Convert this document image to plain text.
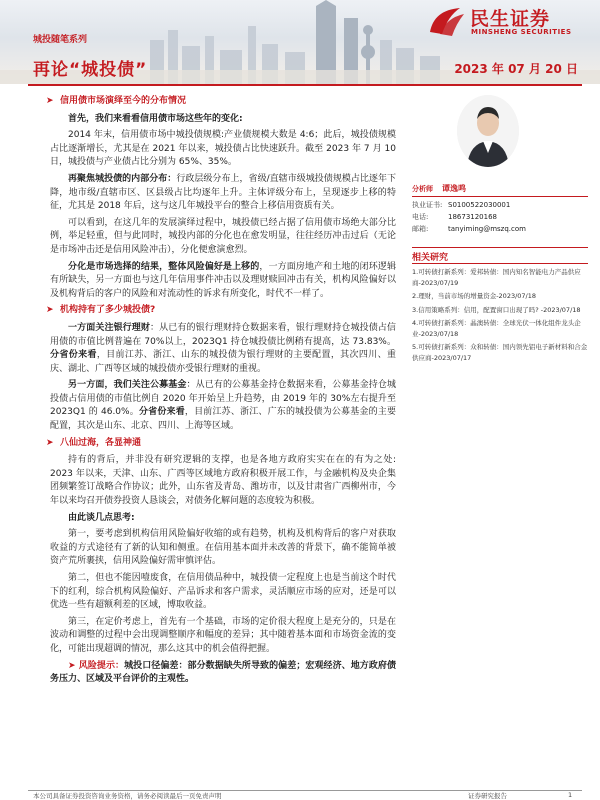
民生证券
MINSHENG SECURITIES
城投随笔系列
再论“城投债”	2023 年 07 月 20 日
➤ 信用债市场演绎至今的分布情况
首先，我们来看看信用债市场这些年的变化:
2014 年末，信用债市场中城投债规模:产业债规模大数是 4:6；此后，城投债规模占比逐渐增长，尤其是在 2021 年以来，城投债占比快速跃升。截至 2023 年 7 月 10 日，城投债与产业债占比分别为 65%、35%。
再聚焦城投债的内部分布：行政层级分布上，省级/直辖市级城投债规模占比逐年下降，地市级/直辖市区、区县级占比均逐年上升。主体评级分布上，呈现逐步上移的特征，尤其是 2018 年后，这与这几年城投平台的整合上移信用资质有关。
可以看到，在这几年的发展演绎过程中，城投债已经占据了信用债市场绝大部分比例，举足轻重，但与此同时，城投内部的分化也在愈发明显，往往经历冲击过后（无论是市场冲击还是信用风险冲击），分化便愈演愈烈。
分化是市场选择的结果，整体风险偏好是上移的，一方面房地产和土地的闭环逻辑有所缺失，另一方面也与这几年信用事件冲击以及理财赎回冲击有关，机构风险偏好以及机构背后的客户的风险和对流动性的诉求有所变化，时代不一样了。
➤ 机构持有了多少城投债?
一方面关注银行理财：从已有的银行理财持仓数据来看，银行理财持仓城投债占信用债的市值比例普遍在 70%以上，2023Q1 持仓城投债比例稍有提高，达 73.83%。分省份来看，目前江苏、浙江、山东的城投债为银行理财的主要配置，其次四川、重庆、湖北、广西等区域的城投债亦受银行理财的重视。
另一方面，我们关注公募基金：从已有的公募基金持仓数据来看，公募基金持仓城投债占信用债的市值比例自 2020 年开始呈上升趋势，由 2019 年的 30%左右提升至 2023Q1 的 46.0%。分省份来看，目前江苏、浙江、广东的城投债为公募基金的主要配置，其次是山东、北京、四川、上海等区域。
➤ 八仙过海，各显神通
持有的背后，并非没有研究逻辑的支撑，也是各地方政府实实在在的有为之处: 2023 年以来，天津、山东、广西等区域地方政府积极开展工作，与金融机构及央企集团频繁签订战略合作协议；此外，山东省及青岛、潍坊市，以及甘肃省广西柳州市，今年以来均召开债券投资人恳谈会，对债务化解问题的态度较为积极。
由此谈几点思考:
第一，要考虑到机构信用风险偏好收缩的或有趋势，机构及机构背后的客户对获取收益的方式途径有了新的认知和侧重。在信用基本面并未改善的背景下，确不能简单被资产荒所裹挟，信用风险偏好需审慎评估。
第二，但也不能因噎废食，在信用债品种中，城投债一定程度上也是当前这个时代下的红利，综合机构风险偏好、产品诉求和客户需求，灵活顺应市场的应对，还是可以优选一些有超额利差的区域，博取收益。
第三，在定价考虑上，首先有一个基础，市场的定价很大程度上是充分的，只是在波动和调整的过程中会出现调整顺序和幅度的差异；其中随着基本面和市场资金流的变化，可能出现超调的情况，那么这其中的机会值得把握。
➤ 风险提示：城投口径偏差：部分数据缺失所导致的偏差；宏观经济、地方政府债务压力、区域及平台评价的主观性。
分析师	谭逸鸣
执业证书: S0100522030001
电话:	18673120168
邮箱:	tanyiming@mszq.com
相关研究
1.可转债打新系列：爱邦转债：国内知名智能电力产品供应商-2023/07/19
2.理财，当前市场的增量资金-2023/07/18
3.信用策略系列：信用，配置窗口出现了吗? -2023/07/18
4.可转债打新系列：晶澳转债：全球光伏一体化组件龙头企业-2023/07/18
5.可转债打新系列：众和转债：国内领先铝电子新材料和合金供应商-2023/07/17
本公司具备证券投资咨询业务资格，请务必阅读最后一页免责声明	证券研究报告	1
